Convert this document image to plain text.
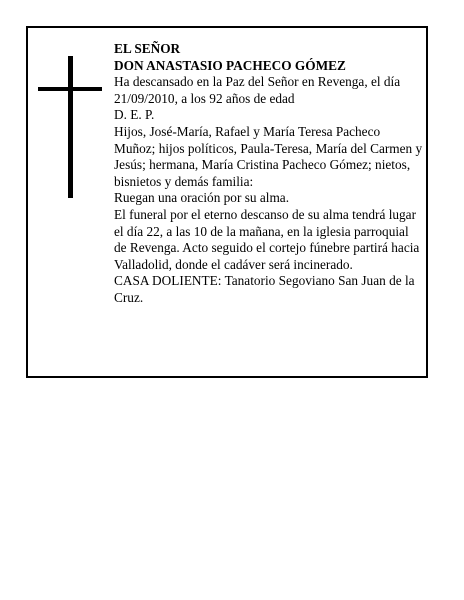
EL SEÑOR

DON ANASTASIO PACHECO GÓMEZ

Ha descansado en la Paz del Señor en Revenga, el día 21/09/2010, a los 92 años de edad

D. E. P.

Hijos, José-María, Rafael y María Teresa Pacheco Muñoz; hijos políticos, Paula-Teresa, María del Carmen y Jesús; hermana, María Cristina Pacheco Gómez; nietos, bisnietos y demás familia:

Ruegan una oración por su alma.

El funeral por el eterno descanso de su alma tendrá lugar el día 22, a las 10 de la mañana, en la iglesia parroquial de Revenga. Acto seguido el cortejo fúnebre partirá hacia Valladolid, donde el cadáver será incinerado.

CASA DOLIENTE: Tanatorio Segoviano San Juan de la Cruz.
